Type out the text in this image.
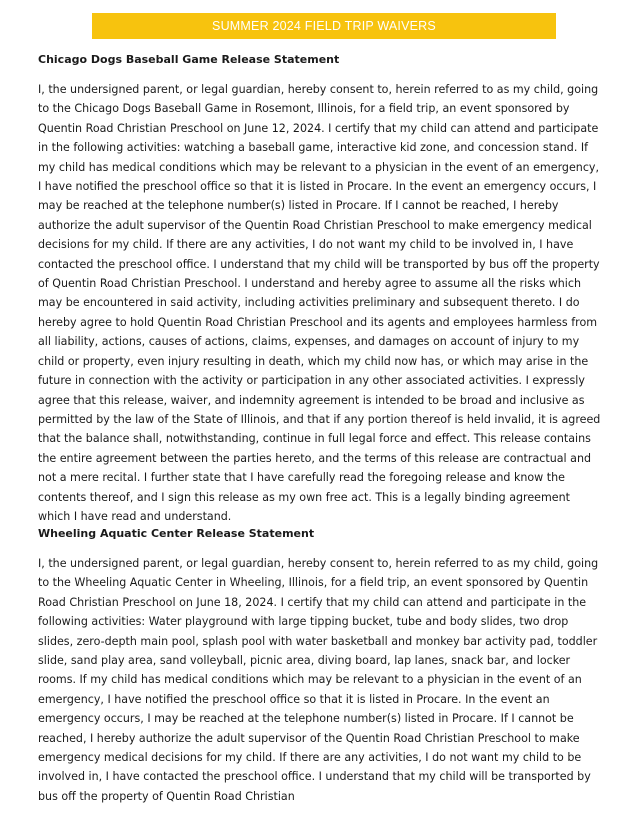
SUMMER 2024 FIELD TRIP WAIVERS
Chicago Dogs Baseball Game Release Statement

I, the undersigned parent, or legal guardian, hereby consent to, herein referred to as my child, going to the Chicago Dogs Baseball Game in Rosemont, Illinois, for a field trip, an event sponsored by Quentin Road Christian Preschool on June 12, 2024. I certify that my child can attend and participate in the following activities: watching a baseball game, interactive kid zone, and concession stand. If my child has medical conditions which may be relevant to a physician in the event of an emergency, I have notified the preschool office so that it is listed in Procare. In the event an emergency occurs, I may be reached at the telephone number(s) listed in Procare. If I cannot be reached, I hereby authorize the adult supervisor of the Quentin Road Christian Preschool to make emergency medical decisions for my child. If there are any activities, I do not want my child to be involved in, I have contacted the preschool office. I understand that my child will be transported by bus off the property of Quentin Road Christian Preschool. I understand and hereby agree to assume all the risks which may be encountered in said activity, including activities preliminary and subsequent thereto. I do hereby agree to hold Quentin Road Christian Preschool and its agents and employees harmless from all liability, actions, causes of actions, claims, expenses, and damages on account of injury to my child or property, even injury resulting in death, which my child now has, or which may arise in the future in connection with the activity or participation in any other associated activities. I expressly agree that this release, waiver, and indemnity agreement is intended to be broad and inclusive as permitted by the law of the State of Illinois, and that if any portion thereof is held invalid, it is agreed that the balance shall, notwithstanding, continue in full legal force and effect. This release contains the entire agreement between the parties hereto, and the terms of this release are contractual and not a mere recital. I further state that I have carefully read the foregoing release and know the contents thereof, and I sign this release as my own free act. This is a legally binding agreement which I have read and understand.

Wheeling Aquatic Center Release Statement

I, the undersigned parent, or legal guardian, hereby consent to, herein referred to as my child, going to the Wheeling Aquatic Center in Wheeling, Illinois, for a field trip, an event sponsored by Quentin Road Christian Preschool on June 18, 2024. I certify that my child can attend and participate in the following activities: Water playground with large tipping bucket, tube and body slides, two drop slides, zero-depth main pool, splash pool with water basketball and monkey bar activity pad, toddler slide, sand play area, sand volleyball, picnic area, diving board, lap lanes, snack bar, and locker rooms. If my child has medical conditions which may be relevant to a physician in the event of an emergency, I have notified the preschool office so that it is listed in Procare. In the event an emergency occurs, I may be reached at the telephone number(s) listed in Procare. If I cannot be reached, I hereby authorize the adult supervisor of the Quentin Road Christian Preschool to make emergency medical decisions for my child. If there are any activities, I do not want my child to be involved in, I have contacted the preschool office. I understand that my child will be transported by bus off the property of Quentin Road Christian
